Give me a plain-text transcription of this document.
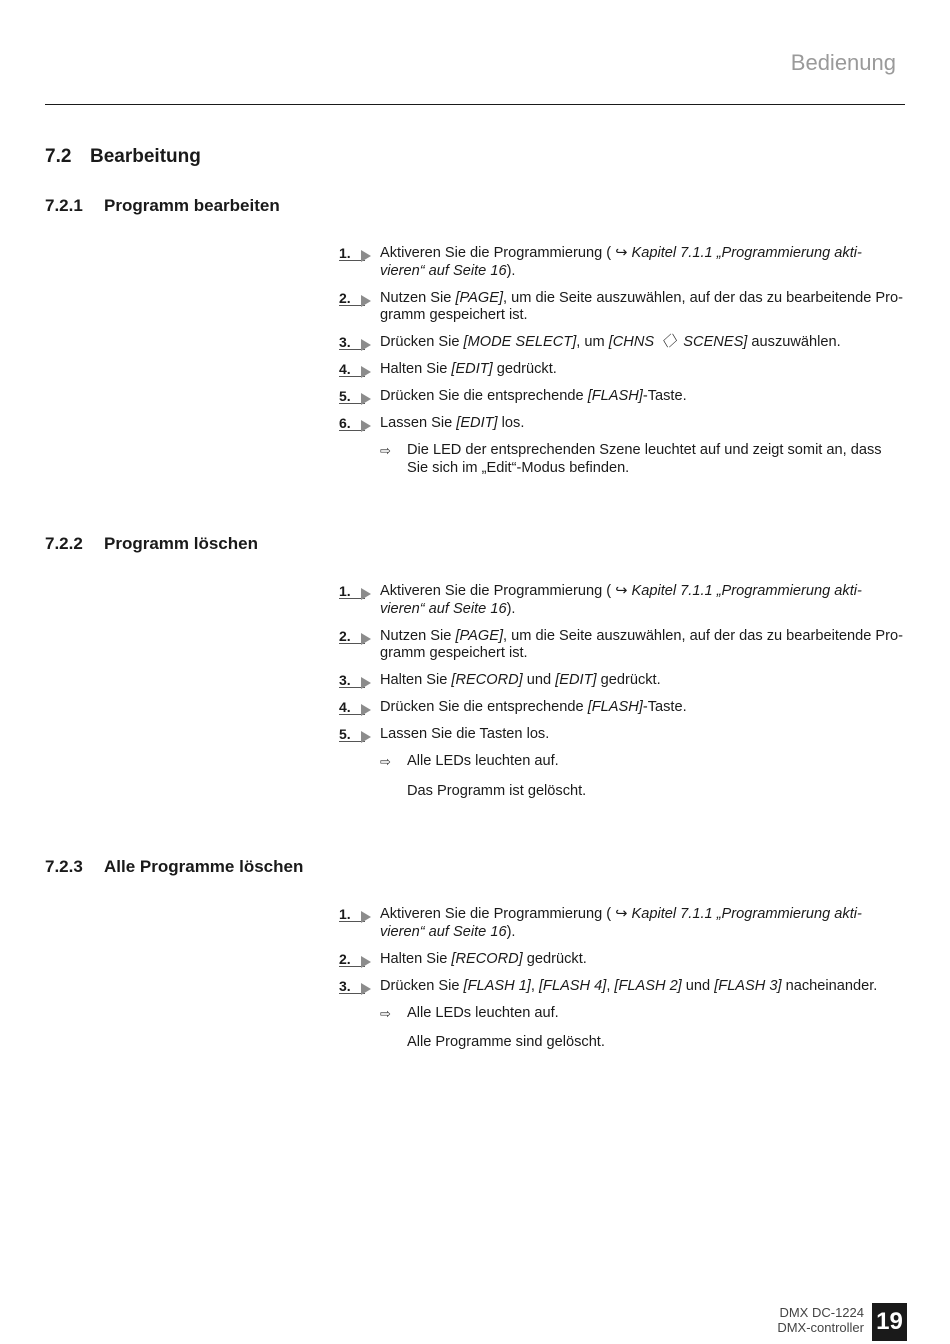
Bedienung
7.2 Bearbeitung
7.2.1 Programm bearbeiten
1. Aktiveren Sie die Programmierung ( ↪ Kapitel 7.1.1 „Programmierung akti-vieren“ auf Seite 16).
2. Nutzen Sie [PAGE], um die Seite auszuwählen, auf der das zu bearbeitende Pro-gramm gespeichert ist.
3. Drücken Sie [MODE SELECT], um [CHNS〈〉SCENES] auszuwählen.
4. Halten Sie [EDIT] gedrückt.
5. Drücken Sie die entsprechende [FLASH]-Taste.
6. Lassen Sie [EDIT] los.
⇨ Die LED der entsprechenden Szene leuchtet auf und zeigt somit an, dass Sie sich im „Edit“-Modus befinden.
7.2.2 Programm löschen
1. Aktiveren Sie die Programmierung ( ↪ Kapitel 7.1.1 „Programmierung akti-vieren“ auf Seite 16).
2. Nutzen Sie [PAGE], um die Seite auszuwählen, auf der das zu bearbeitende Pro-gramm gespeichert ist.
3. Halten Sie [RECORD] und [EDIT] gedrückt.
4. Drücken Sie die entsprechende [FLASH]-Taste.
5. Lassen Sie die Tasten los.
⇨ Alle LEDs leuchten auf.
Das Programm ist gelöscht.
7.2.3 Alle Programme löschen
1. Aktiveren Sie die Programmierung ( ↪ Kapitel 7.1.1 „Programmierung akti-vieren“ auf Seite 16).
2. Halten Sie [RECORD] gedrückt.
3. Drücken Sie [FLASH 1], [FLASH 4], [FLASH 2] und [FLASH 3] nacheinander.
⇨ Alle LEDs leuchten auf.
Alle Programme sind gelöscht.
DMX DC-1224
DMX-controller 19
